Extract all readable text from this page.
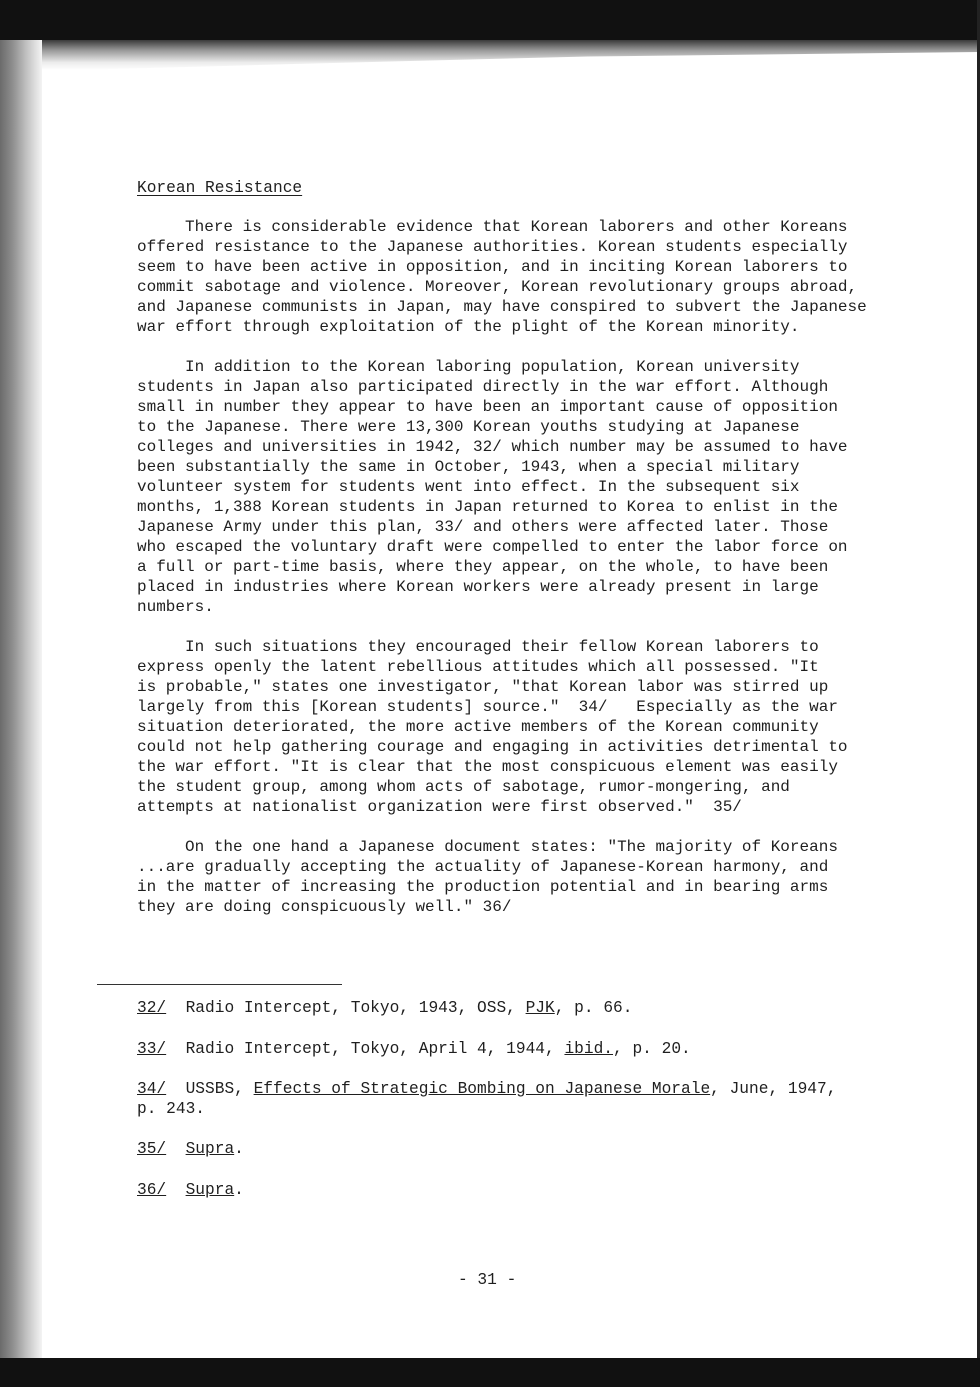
Korean Resistance
There is considerable evidence that Korean laborers and other Koreans
offered resistance to the Japanese authorities. Korean students especially
seem to have been active in opposition, and in inciting Korean laborers to
commit sabotage and violence. Moreover, Korean revolutionary groups abroad,
and Japanese communists in Japan, may have conspired to subvert the Japanese
war effort through exploitation of the plight of the Korean minority.
In addition to the Korean laboring population, Korean university
students in Japan also participated directly in the war effort. Although
small in number they appear to have been an important cause of opposition
to the Japanese. There were 13,300 Korean youths studying at Japanese
colleges and universities in 1942, 32/ which number may be assumed to have
been substantially the same in October, 1943, when a special military
volunteer system for students went into effect. In the subsequent six
months, 1,388 Korean students in Japan returned to Korea to enlist in the
Japanese Army under this plan, 33/ and others were affected later. Those
who escaped the voluntary draft were compelled to enter the labor force on
a full or part-time basis, where they appear, on the whole, to have been
placed in industries where Korean workers were already present in large
numbers.
In such situations they encouraged their fellow Korean laborers to
express openly the latent rebellious attitudes which all possessed. "It
is probable," states one investigator, "that Korean labor was stirred up
largely from this [Korean students] source."  34/   Especially as the war
situation deteriorated, the more active members of the Korean community
could not help gathering courage and engaging in activities detrimental to
the war effort. "It is clear that the most conspicuous element was easily
the student group, among whom acts of sabotage, rumor-mongering, and
attempts at nationalist organization were first observed."  35/
On the one hand a Japanese document states: "The majority of Koreans
...are gradually accepting the actuality of Japanese-Korean harmony, and
in the matter of increasing the production potential and in bearing arms
they are doing conspicuously well." 36/
32/ Radio Intercept, Tokyo, 1943, OSS, PJK, p. 66.
33/ Radio Intercept, Tokyo, April 4, 1944, ibid., p. 20.
34/ USSBS, Effects of Strategic Bombing on Japanese Morale, June, 1947,
p. 243.
35/ Supra.
36/ Supra.
- 31 -
